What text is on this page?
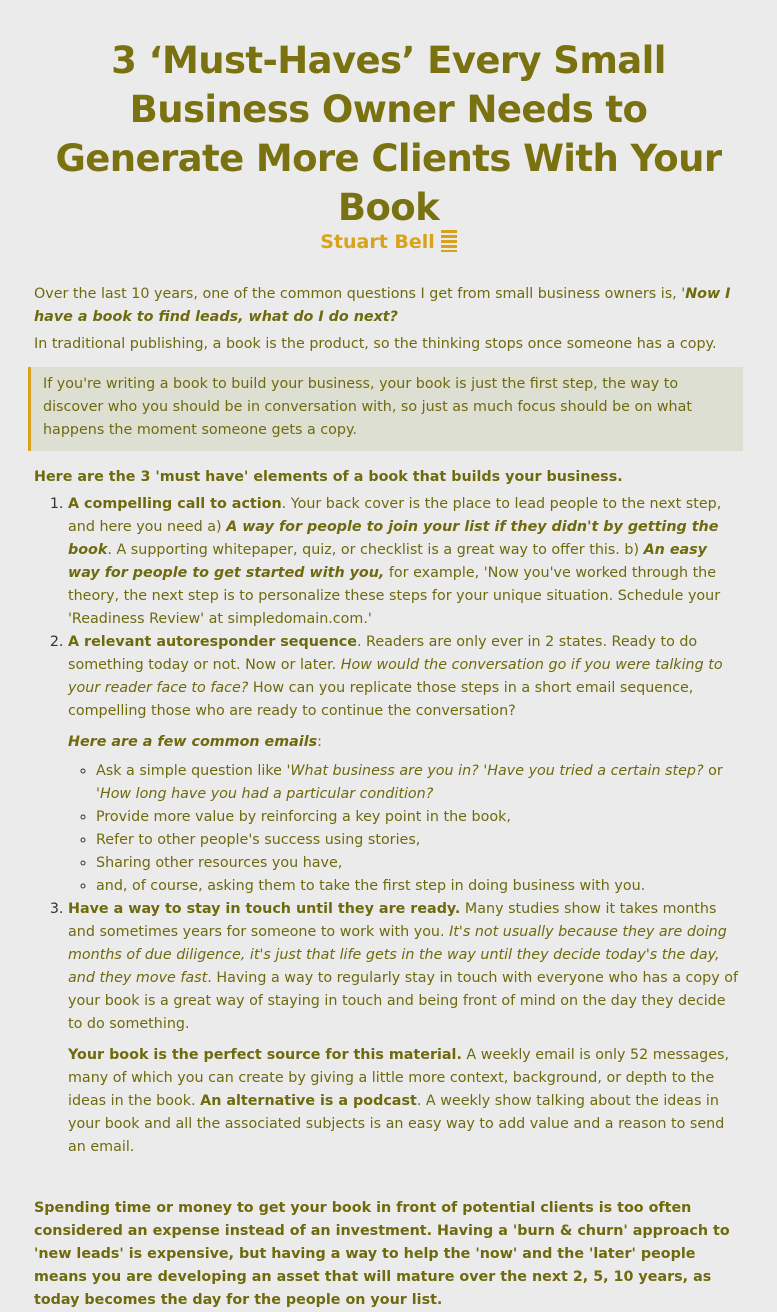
3 ‘Must-Haves’ Every Small Business Owner Needs to Generate More Clients With Your Book
Stuart Bell

Over the last 10 years, one of the common questions I get from small business owners is, 'Now I have a book to find leads, what do I do next?

In traditional publishing, a book is the product, so the thinking stops once someone has a copy.

If you're writing a book to build your business, your book is just the first step, the way to discover who you should be in conversation with, so just as much focus should be on what happens the moment someone gets a copy.

Here are the 3 'must have' elements of a book that builds your business.

1. A compelling call to action. Your back cover is the place to lead people to the next step, and here you need a) A way for people to join your list if they didn't by getting the book. A supporting whitepaper, quiz, or checklist is a great way to offer this. b) An easy way for people to get started with you, for example, 'Now you've worked through the theory, the next step is to personalize these steps for your unique situation. Schedule your 'Readiness Review' at simpledomain.com.'
2. A relevant autoresponder sequence. Readers are only ever in 2 states. Ready to do something today or not. Now or later. How would the conversation go if you were talking to your reader face to face? How can you replicate those steps in a short email sequence, compelling those who are ready to continue the conversation?

Here are a few common emails:

◦ Ask a simple question like 'What business are you in? 'Have you tried a certain step? or 'How long have you had a particular condition?
◦ Provide more value by reinforcing a key point in the book,
◦ Refer to other people's success using stories,
◦ Sharing other resources you have,
◦ and, of course, asking them to take the first step in doing business with you.
3. Have a way to stay in touch until they are ready. Many studies show it takes months and sometimes years for someone to work with you. It's not usually because they are doing months of due diligence, it's just that life gets in the way until they decide today's the day, and they move fast. Having a way to regularly stay in touch with everyone who has a copy of your book is a great way of staying in touch and being front of mind on the day they decide to do something.

Your book is the perfect source for this material. A weekly email is only 52 messages, many of which you can create by giving a little more context, background, or depth to the ideas in the book. An alternative is a podcast. A weekly show talking about the ideas in your book and all the associated subjects is an easy way to add value and a reason to send an email.

Spending time or money to get your book in front of potential clients is too often considered an expense instead of an investment. Having a 'burn & churn' approach to 'new leads' is expensive, but having a way to help the 'now' and the 'later' people means you are developing an asset that will mature over the next 2, 5, 10 years, as today becomes the day for the people on your list.
